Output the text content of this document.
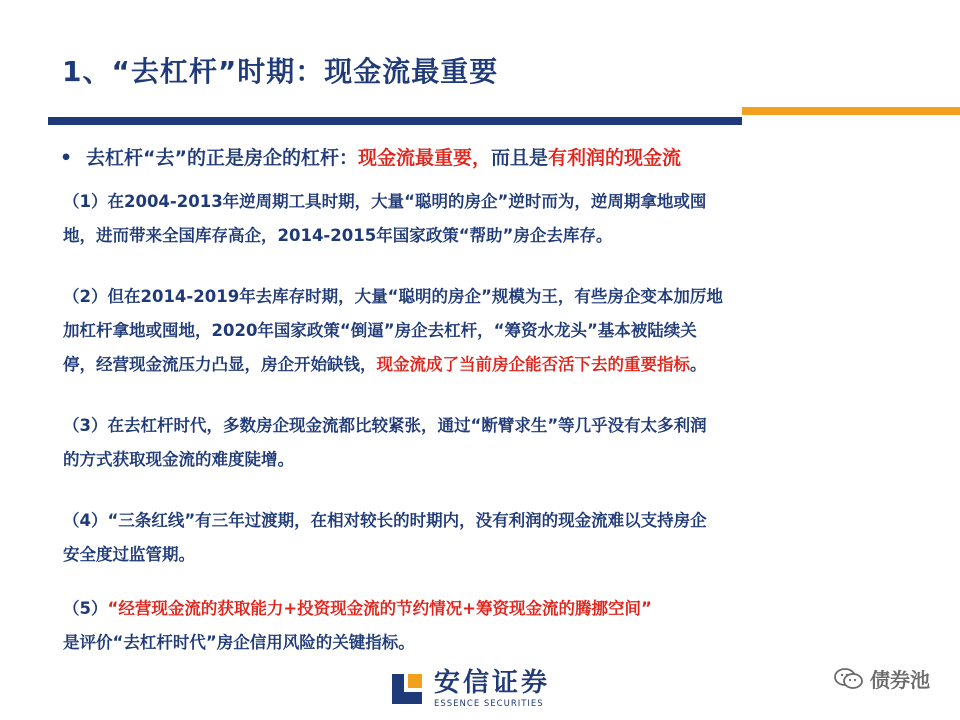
1、“去杠杆”时期：现金流最重要
• 去杠杆“去”的正是房企的杠杆：现金流最重要，而且是有利润的现金流
（1）在2004-2013年逆周期工具时期，大量“聪明的房企”逆时而为，逆周期拿地或囤
地，进而带来全国库存高企，2014-2015年国家政策“帮助”房企去库存。
（2）但在2014-2019年去库存时期，大量“聪明的房企”规模为王，有些房企变本加厉地
加杠杆拿地或囤地，2020年国家政策“倒逼”房企去杠杆，“筹资水龙头”基本被陆续关
停，经营现金流压力凸显，房企开始缺钱，现金流成了当前房企能否活下去的重要指标。
（3）在去杠杆时代，多数房企现金流都比较紧张，通过“断臂求生”等几乎没有太多利润
的方式获取现金流的难度陡增。
（4）“三条红线”有三年过渡期，在相对较长的时期内，没有利润的现金流难以支持房企
安全度过监管期。
（5）“经营现金流的获取能力+投资现金流的节约情况+筹资现金流的腾挪空间”
是评价“去杠杆时代”房企信用风险的关键指标。
安信证券
ESSENCE SECURITIES
债券池
